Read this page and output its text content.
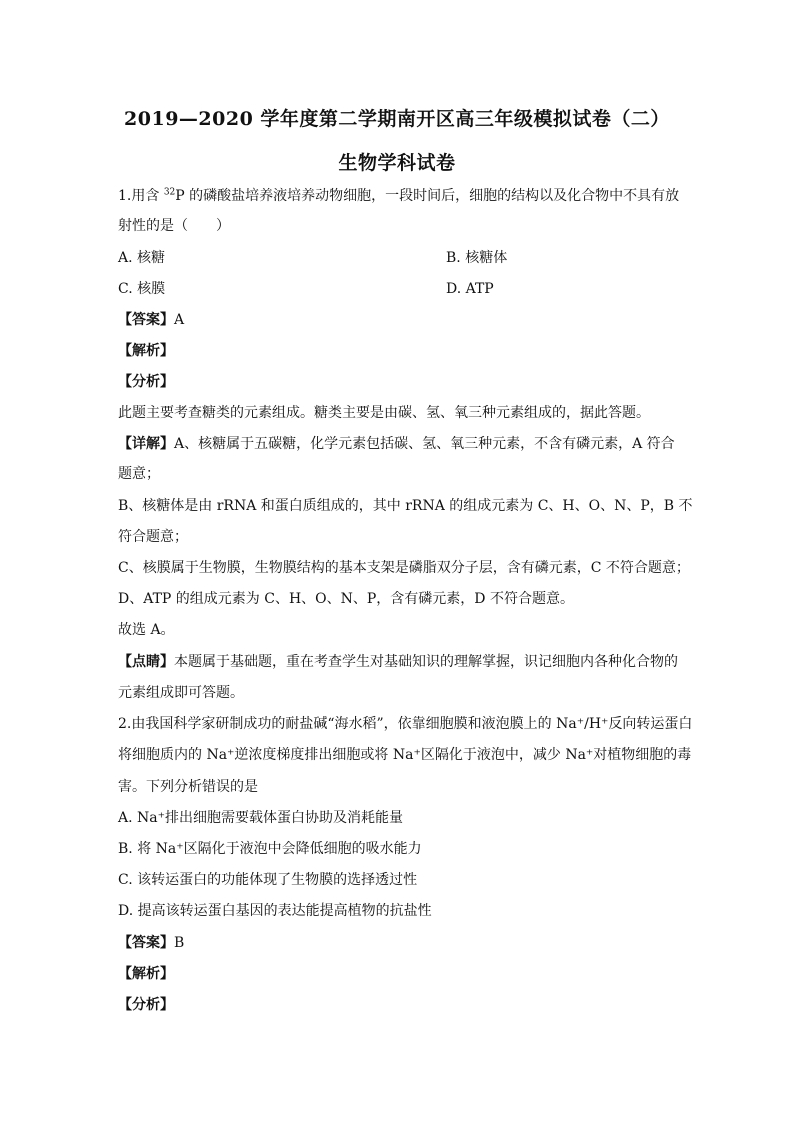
2019—2020 学年度第二学期南开区高三年级模拟试卷（二）
生物学科试卷
1.用含 $^{32}$P 的磷酸盐培养液培养动物细胞，一段时间后，细胞的结构以及化合物中不具有放
射性的是（　　）
A. 核糖	B. 核糖体
C. 核膜	D. ATP
【答案】A
【解析】
【分析】
此题主要考查糖类的元素组成。糖类主要是由碳、氢、氧三种元素组成的，据此答题。
【详解】A、核糖属于五碳糖，化学元素包括碳、氢、氧三种元素，不含有磷元素，A 符合
题意；
B、核糖体是由 rRNA 和蛋白质组成的，其中 rRNA 的组成元素为 C、H、O、N、P，B 不
符合题意；
C、核膜属于生物膜，生物膜结构的基本支架是磷脂双分子层，含有磷元素，C 不符合题意；
D、ATP 的组成元素为 C、H、O、N、P，含有磷元素，D 不符合题意。
故选 A。
【点睛】本题属于基础题，重在考查学生对基础知识的理解掌握，识记细胞内各种化合物的
元素组成即可答题。
2.由我国科学家研制成功的耐盐碱“海水稻”，依靠细胞膜和液泡膜上的 Na⁺/H⁺反向转运蛋白
将细胞质内的 Na⁺逆浓度梯度排出细胞或将 Na⁺区隔化于液泡中，减少 Na⁺对植物细胞的毒
害。下列分析错误的是
A. Na⁺排出细胞需要载体蛋白协助及消耗能量
B. 将 Na⁺区隔化于液泡中会降低细胞的吸水能力
C. 该转运蛋白的功能体现了生物膜的选择透过性
D. 提高该转运蛋白基因的表达能提高植物的抗盐性
【答案】B
【解析】
【分析】
